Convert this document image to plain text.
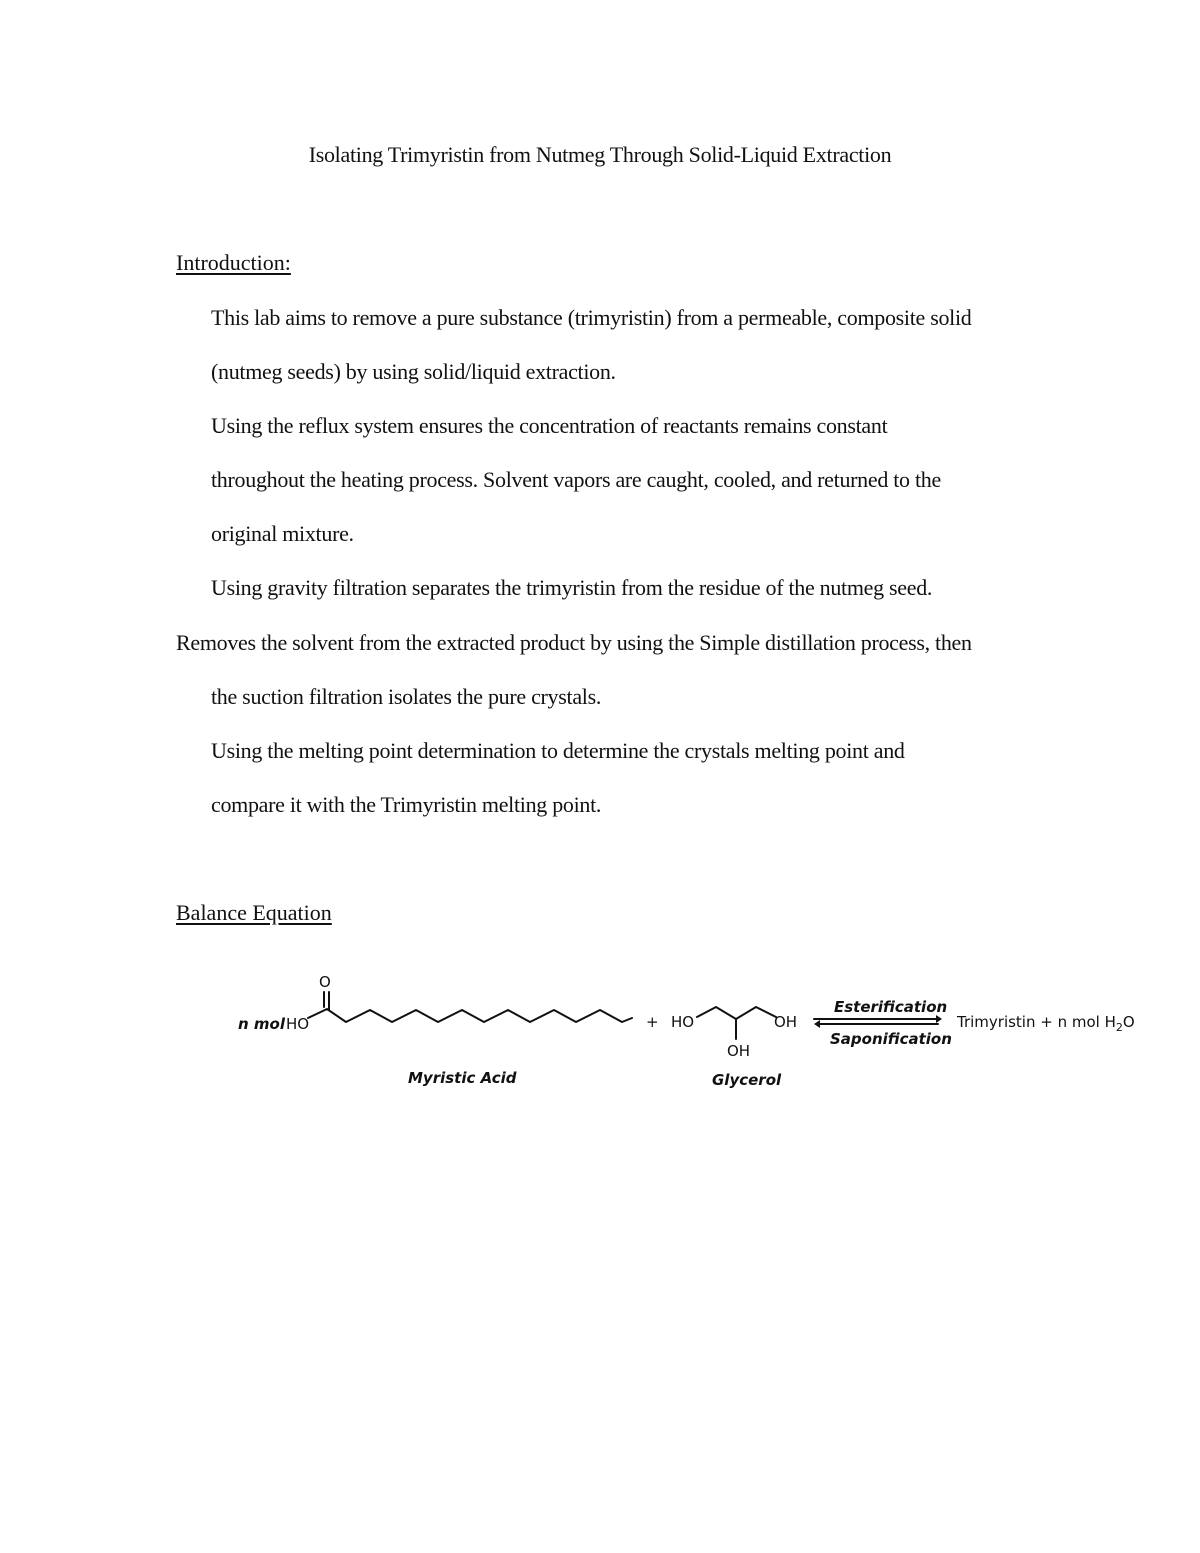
Isolating Trimyristin from Nutmeg Through Solid-Liquid Extraction
Introduction:
This lab aims to remove a pure substance (trimyristin) from a permeable, composite solid
(nutmeg seeds) by using solid/liquid extraction.
Using the reflux system ensures the concentration of reactants remains constant
throughout the heating process. Solvent vapors are caught, cooled, and returned to the
original mixture.
Using gravity filtration separates the trimyristin from the residue of the nutmeg seed.
Removes the solvent from the extracted product by using the Simple distillation process, then
the suction filtration isolates the pure crystals.
Using the melting point determination to determine the crystals melting point and
compare it with the Trimyristin melting point.
Balance Equation
n mol HO
O
+ HO	OH
OH
Esterification
Saponification
Trimyristin + n mol $H_2O$
Myristic Acid	Glycerol
